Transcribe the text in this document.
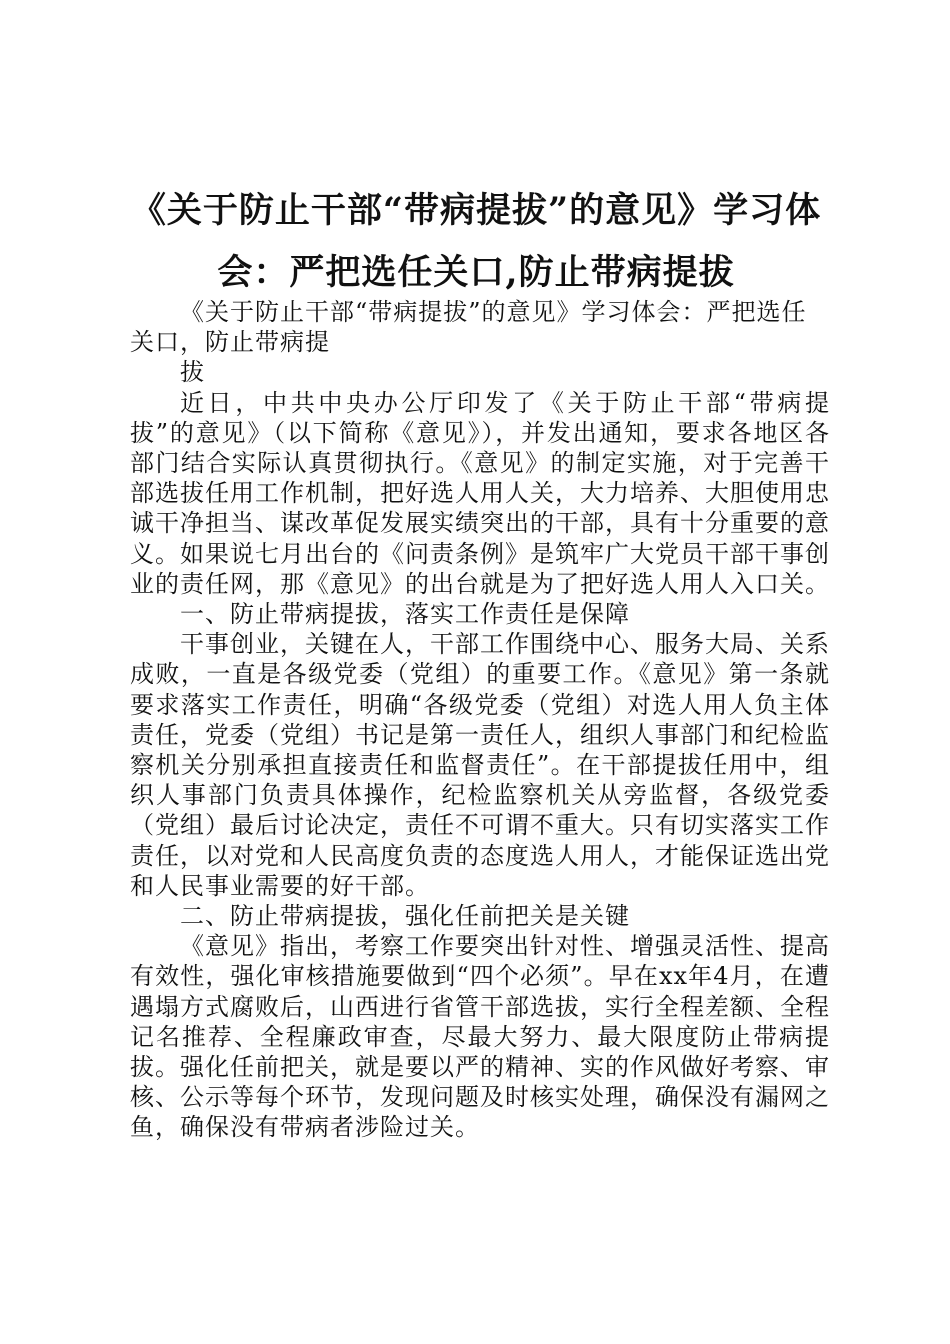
《关于防止干部“带病提拔”的意见》学习体会：严把选任关口,防止带病提拔

《关于防止干部“带病提拔”的意见》学习体会：严把选任关口，防止带病提

拔

近日，中共中央办公厅印发了《关于防止干部“带病提拔”的意见》（以下简称《意见》），并发出通知，要求各地区各部门结合实际认真贯彻执行。《意见》的制定实施，对于完善干部选拔任用工作机制，把好选人用人关，大力培养、大胆使用忠诚干净担当、谋改革促发展实绩突出的干部，具有十分重要的意义。如果说七月出台的《问责条例》是筑牢广大党员干部干事创业的责任网，那《意见》的出台就是为了把好选人用人入口关。

一、防止带病提拔，落实工作责任是保障

干事创业，关键在人，干部工作围绕中心、服务大局、关系成败，一直是各级党委（党组）的重要工作。《意见》第一条就要求落实工作责任，明确“各级党委（党组）对选人用人负主体责任，党委（党组）书记是第一责任人，组织人事部门和纪检监察机关分别承担直接责任和监督责任”。在干部提拔任用中，组织人事部门负责具体操作，纪检监察机关从旁监督，各级党委（党组）最后讨论决定，责任不可谓不重大。只有切实落实工作责任，以对党和人民高度负责的态度选人用人，才能保证选出党和人民事业需要的好干部。

二、防止带病提拔，强化任前把关是关键

《意见》指出，考察工作要突出针对性、增强灵活性、提高有效性，强化审核措施要做到“四个必须”。早在xx年4月，在遭遇塌方式腐败后，山西进行省管干部选拔，实行全程差额、全程记名推荐、全程廉政审查，尽最大努力、最大限度防止带病提拔。强化任前把关，就是要以严的精神、实的作风做好考察、审核、公示等每个环节，发现问题及时核实处理，确保没有漏网之鱼，确保没有带病者涉险过关。
